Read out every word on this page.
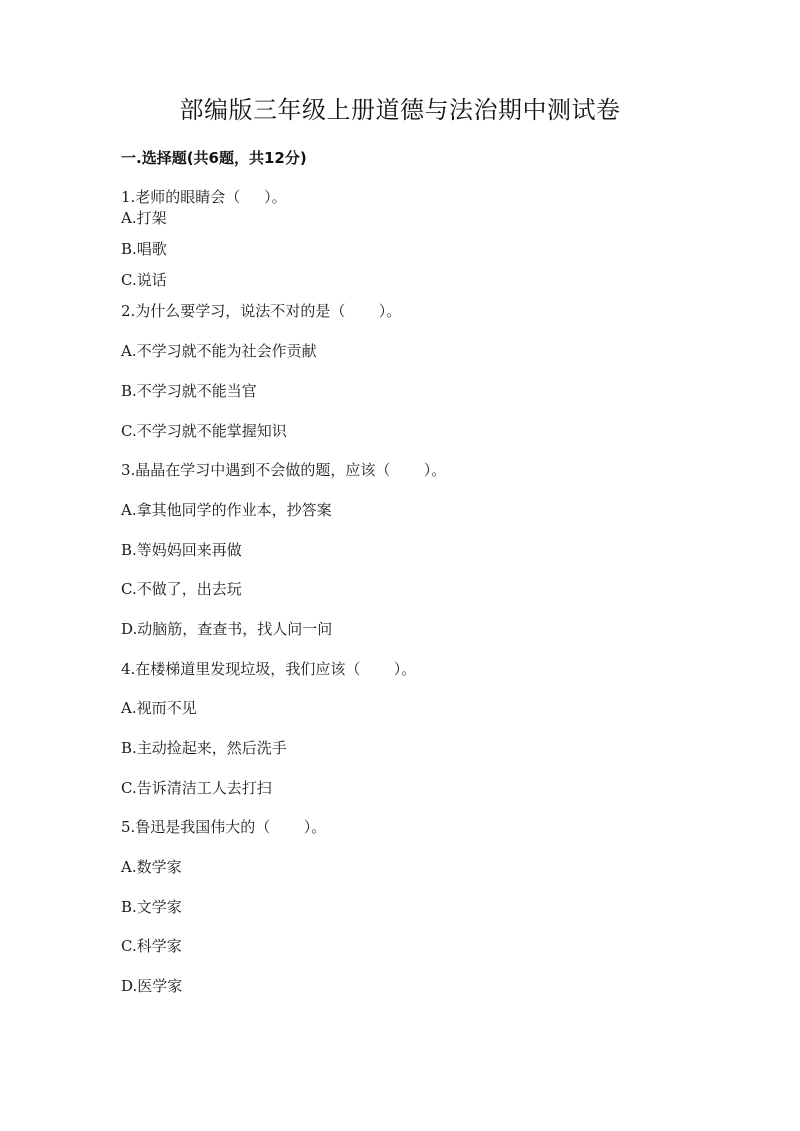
部编版三年级上册道德与法治期中测试卷
一.选择题(共6题，共12分)
1.老师的眼睛会（     ）。
A.打架
B.唱歌
C.说话
2.为什么要学习，说法不对的是（       ）。
A.不学习就不能为社会作贡献
B.不学习就不能当官
C.不学习就不能掌握知识
3.晶晶在学习中遇到不会做的题，应该（       ）。
A.拿其他同学的作业本，抄答案
B.等妈妈回来再做
C.不做了，出去玩
D.动脑筋，查查书，找人问一问
4.在楼梯道里发现垃圾，我们应该（       ）。
A.视而不见
B.主动捡起来，然后洗手
C.告诉清洁工人去打扫
5.鲁迅是我国伟大的（       ）。
A.数学家
B.文学家
C.科学家
D.医学家
